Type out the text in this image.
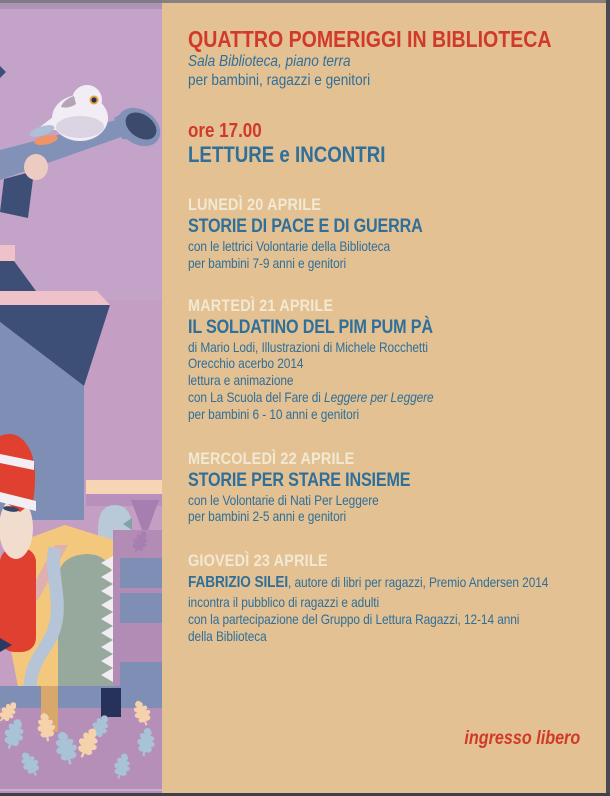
QUATTRO POMERIGGI IN BIBLIOTECA
Sala Biblioteca, piano terra
per bambini, ragazzi e genitori
ore 17.00
LETTURE e INCONTRI
LUNEDÌ 20 APRILE
STORIE DI PACE E DI GUERRA
con le lettrici Volontarie della Biblioteca
per bambini 7-9 anni e genitori
MARTEDÌ 21 APRILE
IL SOLDATINO DEL PIM PUM PÀ
di Mario Lodi, Illustrazioni di Michele Rocchetti
Orecchio acerbo 2014
lettura e animazione
con La Scuola del Fare di Leggere per Leggere
per bambini 6 - 10 anni e genitori
MERCOLEDÌ 22 APRILE
STORIE PER STARE INSIEME
con le Volontarie di Nati Per Leggere
per bambini 2-5 anni e genitori
GIOVEDÌ 23 APRILE
FABRIZIO SILEI, autore di libri per ragazzi, Premio Andersen 2014
incontra il pubblico di ragazzi e adulti
con la partecipazione del Gruppo di Lettura Ragazzi, 12-14 anni
della Biblioteca
ingresso libero
